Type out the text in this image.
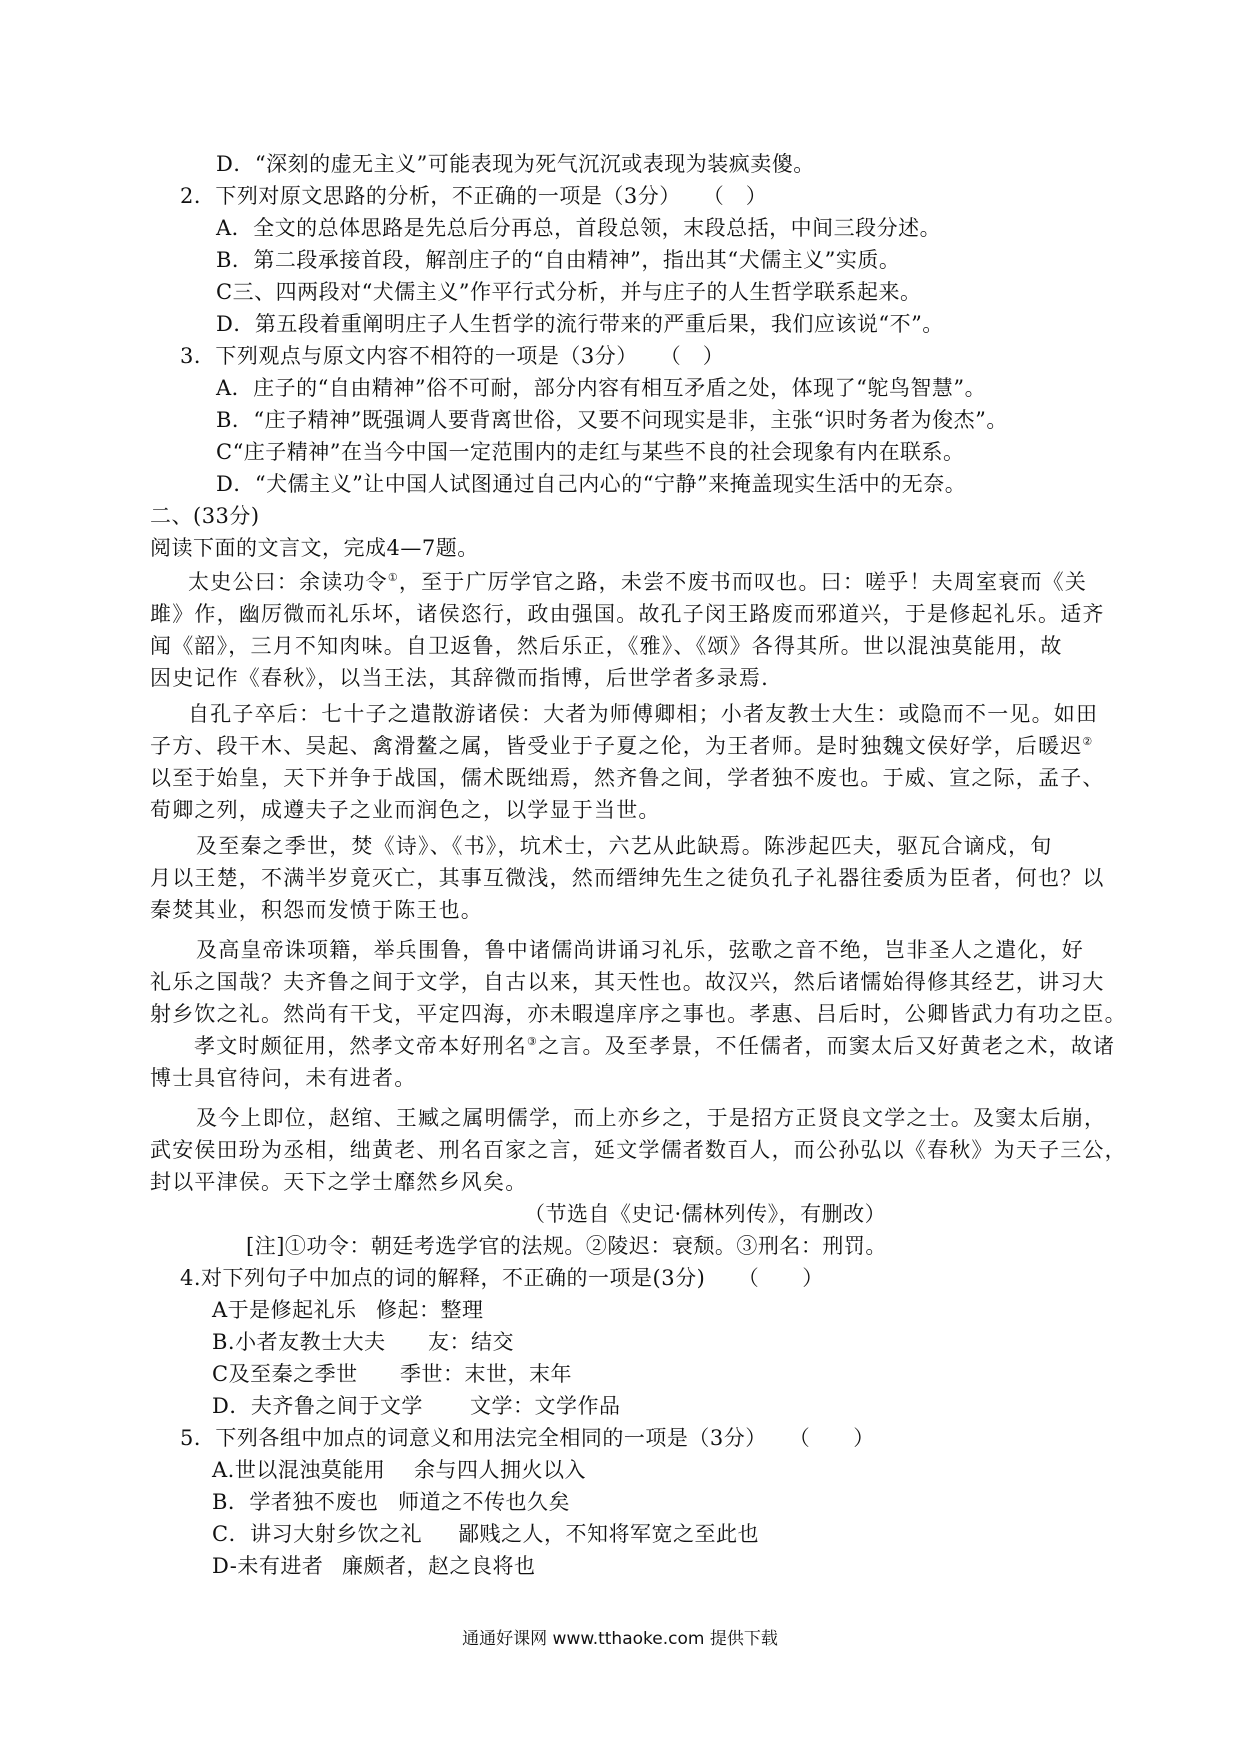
D．“深刻的虚无主义”可能表现为死气沉沉或表现为装疯卖傻。
2．下列对原文思路的分析，不正确的一项是（3分）　　（　）
A．全文的总体思路是先总后分再总，首段总领，末段总括，中间三段分述。
B．第二段承接首段，解剖庄子的“自由精神”，指出其“犬儒主义”实质。
C三、四两段对“犬儒主义”作平行式分析，并与庄子的人生哲学联系起来。
D．第五段着重阐明庄子人生哲学的流行带来的严重后果，我们应该说“不”。
3．下列观点与原文内容不相符的一项是（3分）　　（　）
A．庄子的“自由精神”俗不可耐，部分内容有相互矛盾之处，体现了“鸵鸟智慧”。
B．“庄子精神”既强调人要背离世俗，又要不问现实是非，主张“识时务者为俊杰”。
C“庄子精神”在当今中国一定范围内的走红与某些不良的社会现象有内在联系。
D．“犬儒主义”让中国人试图通过自己内心的“宁静”来掩盖现实生活中的无奈。
二、(33分)
阅读下面的文言文，完成4—7题。
太史公曰：余读功令①，至于广厉学官之路，未尝不废书而叹也。曰：嗟乎！夫周室衰而《关
雎》作，幽厉微而礼乐坏，诸侯恣行，政由强国。故孔子闵王路废而邪道兴，于是修起礼乐。适齐
闻《韶》，三月不知肉味。自卫返鲁，然后乐正，《雅》、《颂》各得其所。世以混浊莫能用，故
因史记作《春秋》，以当王法，其辞微而指博，后世学者多录焉.
自孔子卒后：七十子之遣散游诸侯：大者为师傅卿相；小者友教士大生：或隐而不一见。如田
子方、段干木、吴起、禽滑鳌之属，皆受业于子夏之伦，为王者师。是时独魏文侯好学，后暖迟②
以至于始皇，天下并争于战国，儒术既绌焉，然齐鲁之间，学者独不废也。于威、宣之际，孟子、
荀卿之列，成遵夫子之业而润色之，以学显于当世。
及至秦之季世，焚《诗》、《书》，坑术士，六艺从此缺焉。陈涉起匹夫，驱瓦合谪戍，旬
月以王楚，不满半岁竟灭亡，其事互微浅，然而缙绅先生之徒负孔子礼器往委质为臣者，何也？以
秦焚其业，积怨而发愤于陈王也。
及高皇帝诛项籍，举兵围鲁，鲁中诸儒尚讲诵习礼乐，弦歌之音不绝，岂非圣人之遣化，好
礼乐之国哉？夫齐鲁之间于文学，自古以来，其天性也。故汉兴，然后诸懦始得修其经艺，讲习大
射乡饮之礼。然尚有干戈，平定四海，亦未暇遑庠序之事也。孝惠、吕后时，公卿皆武力有功之臣。
孝文时颇征用，然孝文帝本好刑名③之言。及至孝景，不任儒者，而窦太后又好黄老之术，故诸
博士具官待问，未有进者。
及今上即位，赵绾、王臧之属明儒学，而上亦乡之，于是招方正贤良文学之士。及窦太后崩，
武安侯田玢为丞相，绌黄老、刑名百家之言，延文学儒者数百人，而公孙弘以《春秋》为天子三公，
封以平津侯。天下之学士靡然乡风矣。
（节选自《史记·儒林列传》，有删改）
[注]①功令：朝廷考选学官的法规。②陵迟：衰颓。③刑名：刑罚。
4.对下列句子中加点的词的解释，不正确的一项是(3分)　　（　　）
A于是修起礼乐 修起：整理
B.小者友教士大夫 友：结交
C及至秦之季世 季世：末世，末年
D．夫齐鲁之间于文学 文学：文学作品
5．下列各组中加点的词意义和用法完全相同的一项是（3分）　　（　　）
A.世以混浊莫能用 余与四人拥火以入
B．学者独不废也 师道之不传也久矣
C．讲习大射乡饮之礼 鄙贱之人，不知将军宽之至此也
D-未有进者 廉颇者，赵之良将也
通通好课网 www.tthaoke.com 提供下载
